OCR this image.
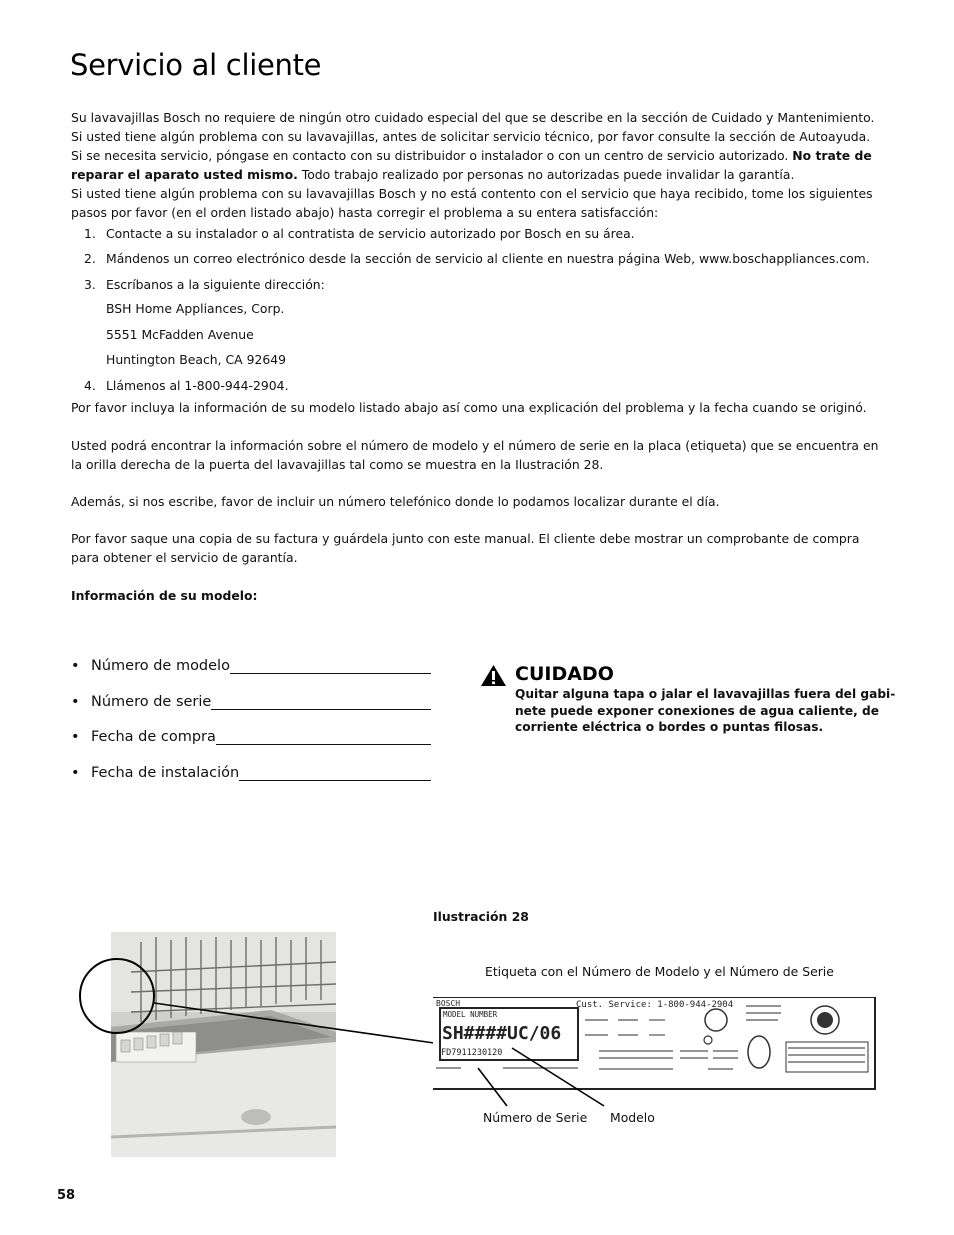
Servicio al cliente
Su lavavajillas Bosch no requiere de ningún otro cuidado especial del que se describe en la sección de Cuidado y Mantenimiento.
Si usted tiene algún problema con su lavavajillas, antes de solicitar servicio técnico, por favor consulte la sección de Autoayuda.
Si se necesita servicio, póngase en contacto con su distribuidor o instalador o con un centro de servicio autorizado. No trate de
reparar el aparato usted mismo. Todo trabajo realizado por personas no autorizadas puede invalidar la garantía.
Si usted tiene algún problema con su lavavajillas Bosch y no está contento con el servicio que haya recibido, tome los siguientes
pasos por favor (en el orden listado abajo) hasta corregir el problema a su entera satisfacción:
1. Contacte a su instalador o al contratista de servicio autorizado por Bosch en su área.
2. Mándenos un correo electrónico desde la sección de servicio al cliente en nuestra página Web, www.boschappliances.com.
3. Escríbanos a la siguiente dirección:
BSH Home Appliances, Corp.
5551 McFadden Avenue
Huntington Beach, CA 92649
4. Llámenos al 1-800-944-2904.
Por favor incluya la información de su modelo listado abajo así como una explicación del problema y la fecha cuando se originó.
Usted podrá encontrar la información sobre el número de modelo y el número de serie en la placa (etiqueta) que se encuentra en
la orilla derecha de la puerta del lavavajillas tal como se muestra en la Ilustración 28.
Además, si nos escribe, favor de incluir un número telefónico donde lo podamos localizar durante el día.
Por favor saque una copia de su factura y guárdela junto con este manual. El cliente debe mostrar un comprobante de compra
para obtener el servicio de garantía.
Información de su modelo:
• Número de modelo
• Número de serie
• Fecha de compra
• Fecha de instalación
CUIDADO
Quitar alguna tapa o jalar el lavavajillas fuera del gabi-
nete puede exponer conexiones de agua caliente, de
corriente eléctrica o bordes o puntas filosas.
Ilustración 28
Etiqueta con el Número de Modelo y el Número de Serie
BOSCH	Cust. Service: 1-800-944-2904
MODEL NUMBER
SH####UC/06
FD7911230120
Número de Serie Modelo
58
